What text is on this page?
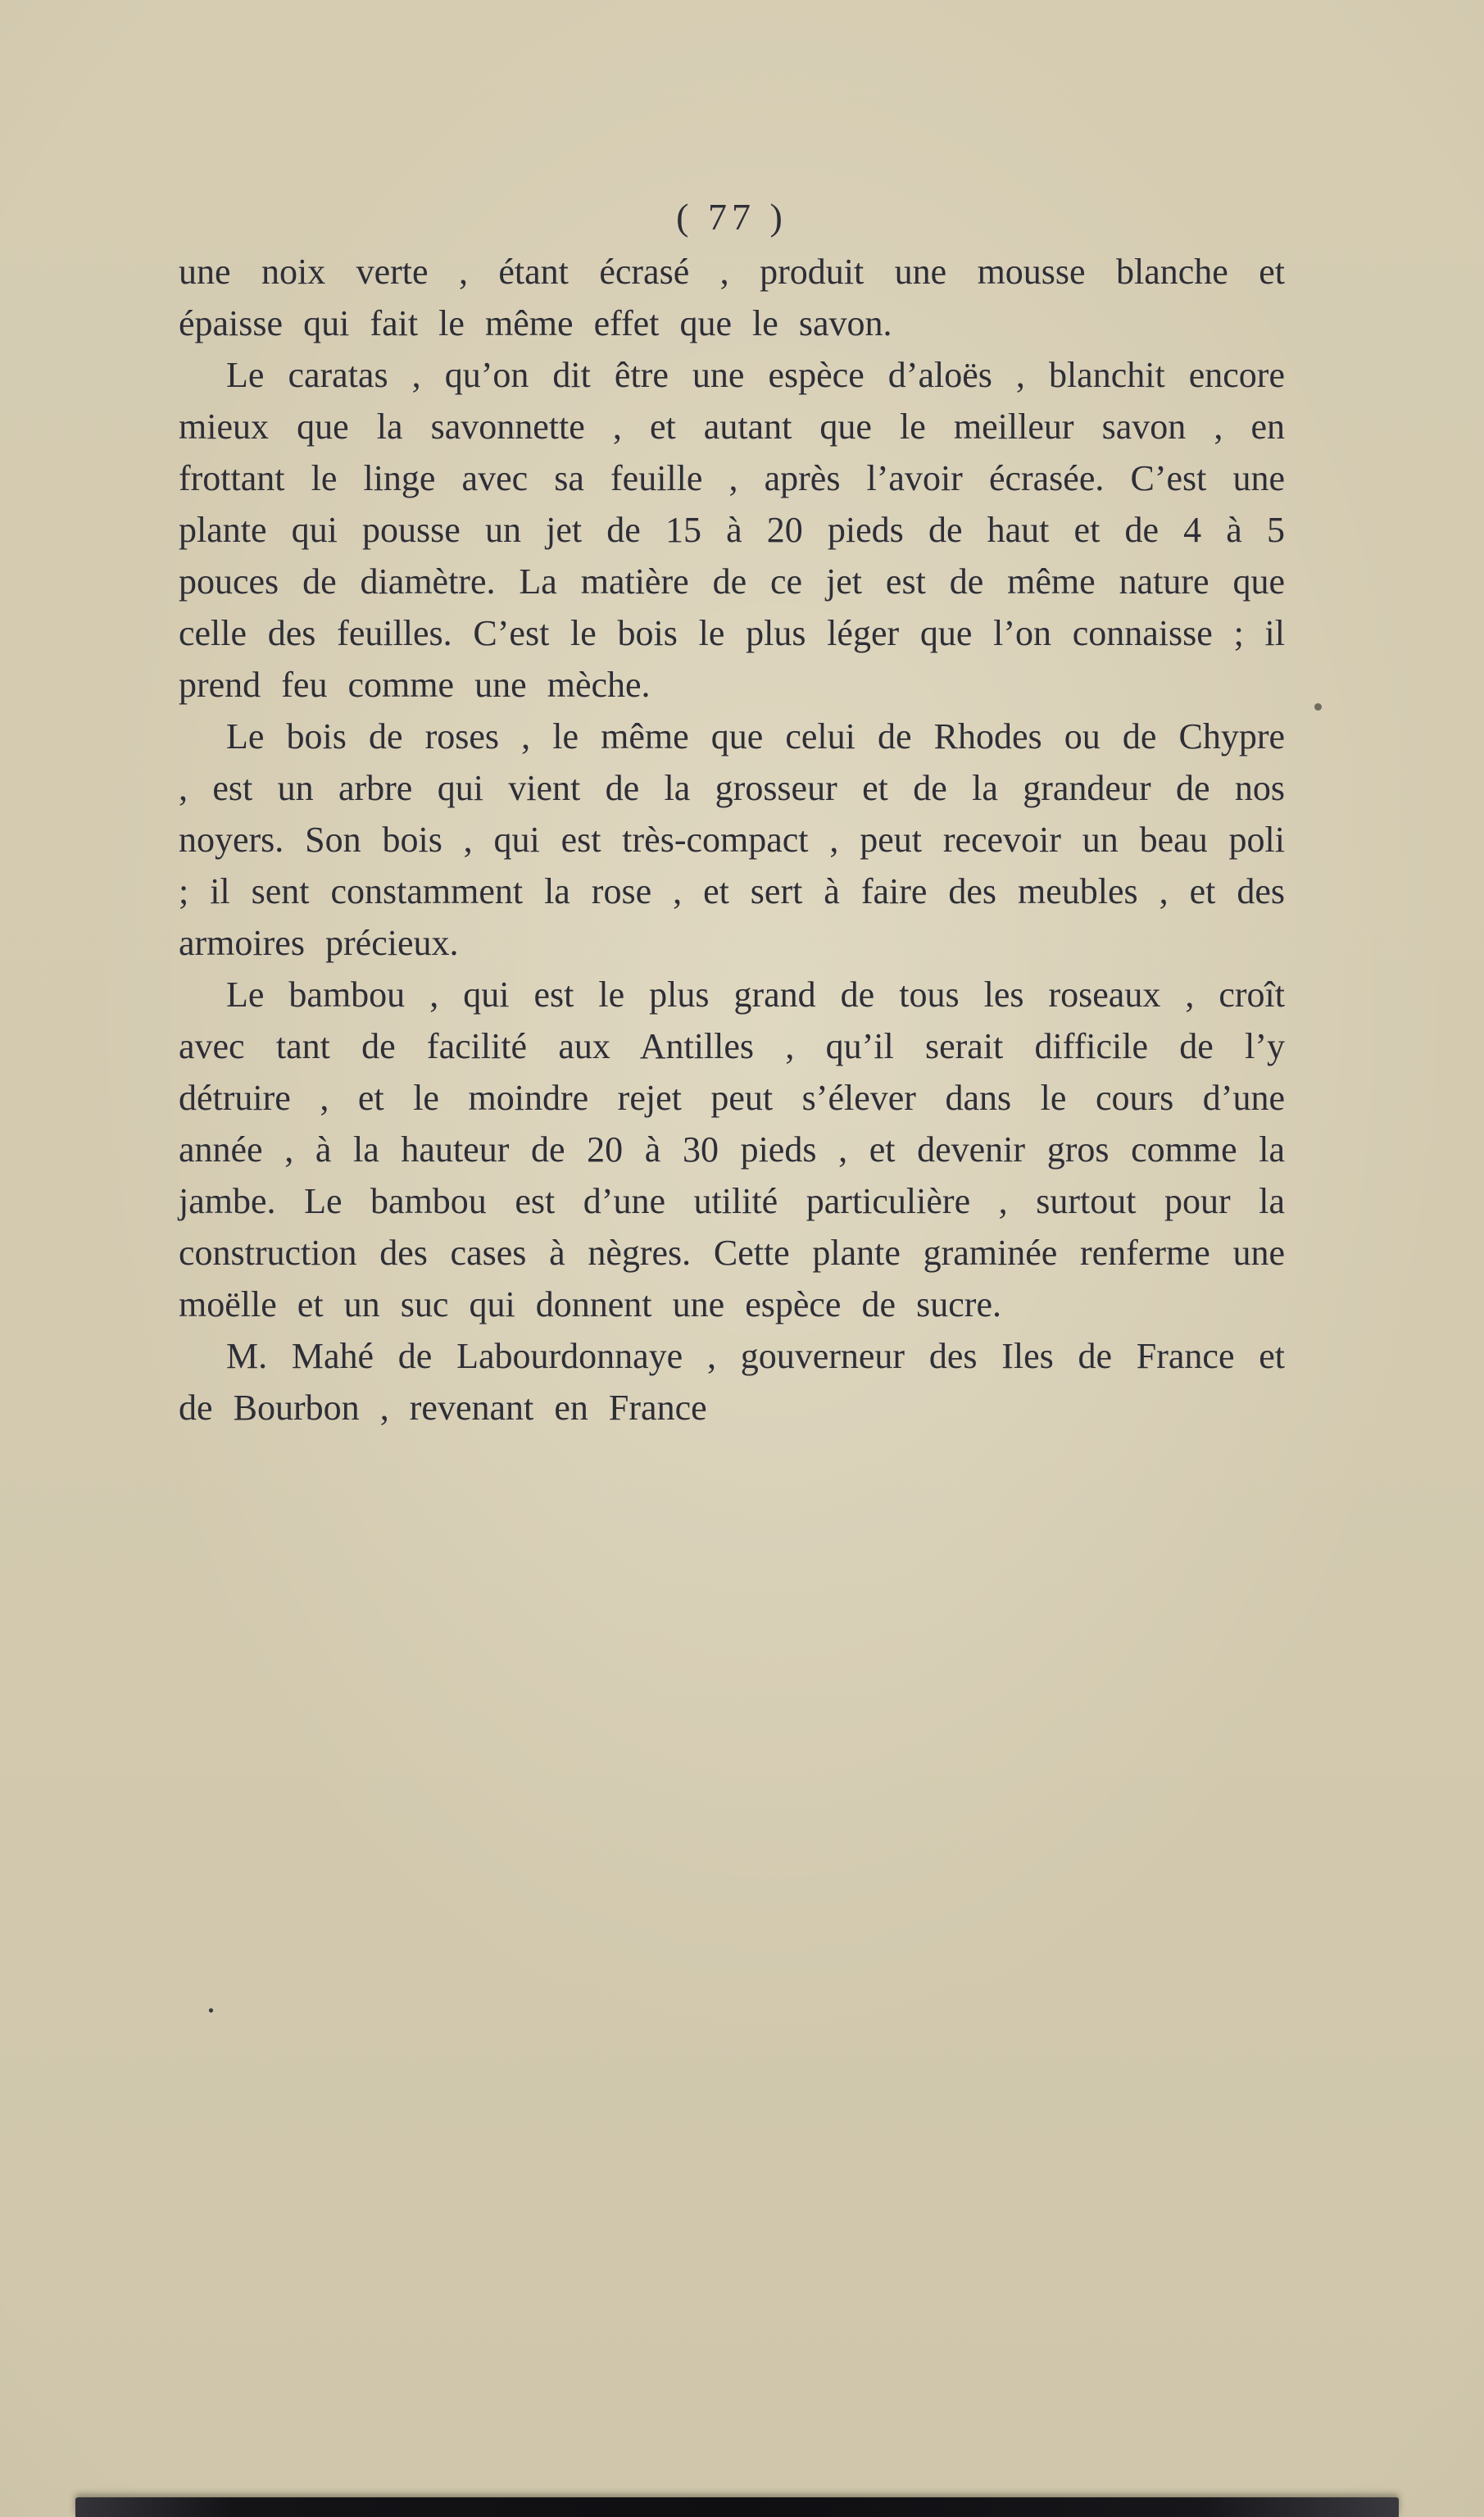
( 77 )

une noix verte , étant écrasé , produit une mousse blanche et épaisse qui fait le même effet que le savon.

Le caratas , qu’on dit être une espèce d’aloës , blanchit encore mieux que la savonnette , et autant que le meilleur savon , en frottant le linge avec sa feuille , après l’avoir écrasée. C’est une plante qui pousse un jet de 15 à 20 pieds de haut et de 4 à 5 pouces de diamètre. La matière de ce jet est de même nature que celle des feuilles. C’est le bois le plus léger que l’on connaisse ; il prend feu comme une mèche.

Le bois de roses , le même que celui de Rhodes ou de Chypre , est un arbre qui vient de la grosseur et de la grandeur de nos noyers. Son bois , qui est très-compact , peut recevoir un beau poli ; il sent constamment la rose , et sert à faire des meubles , et des armoires précieux.

Le bambou , qui est le plus grand de tous les roseaux , croît avec tant de facilité aux Antilles , qu’il serait difficile de l’y détruire , et le moindre rejet peut s’élever dans le cours d’une année , à la hauteur de 20 à 30 pieds , et devenir gros comme la jambe. Le bambou est d’une utilité particulière , surtout pour la construction des cases à nègres. Cette plante graminée renferme une moëlle et un suc qui donnent une espèce de sucre.

M. Mahé de Labourdonnaye , gouverneur des Iles de France et de Bourbon , revenant en France

.
